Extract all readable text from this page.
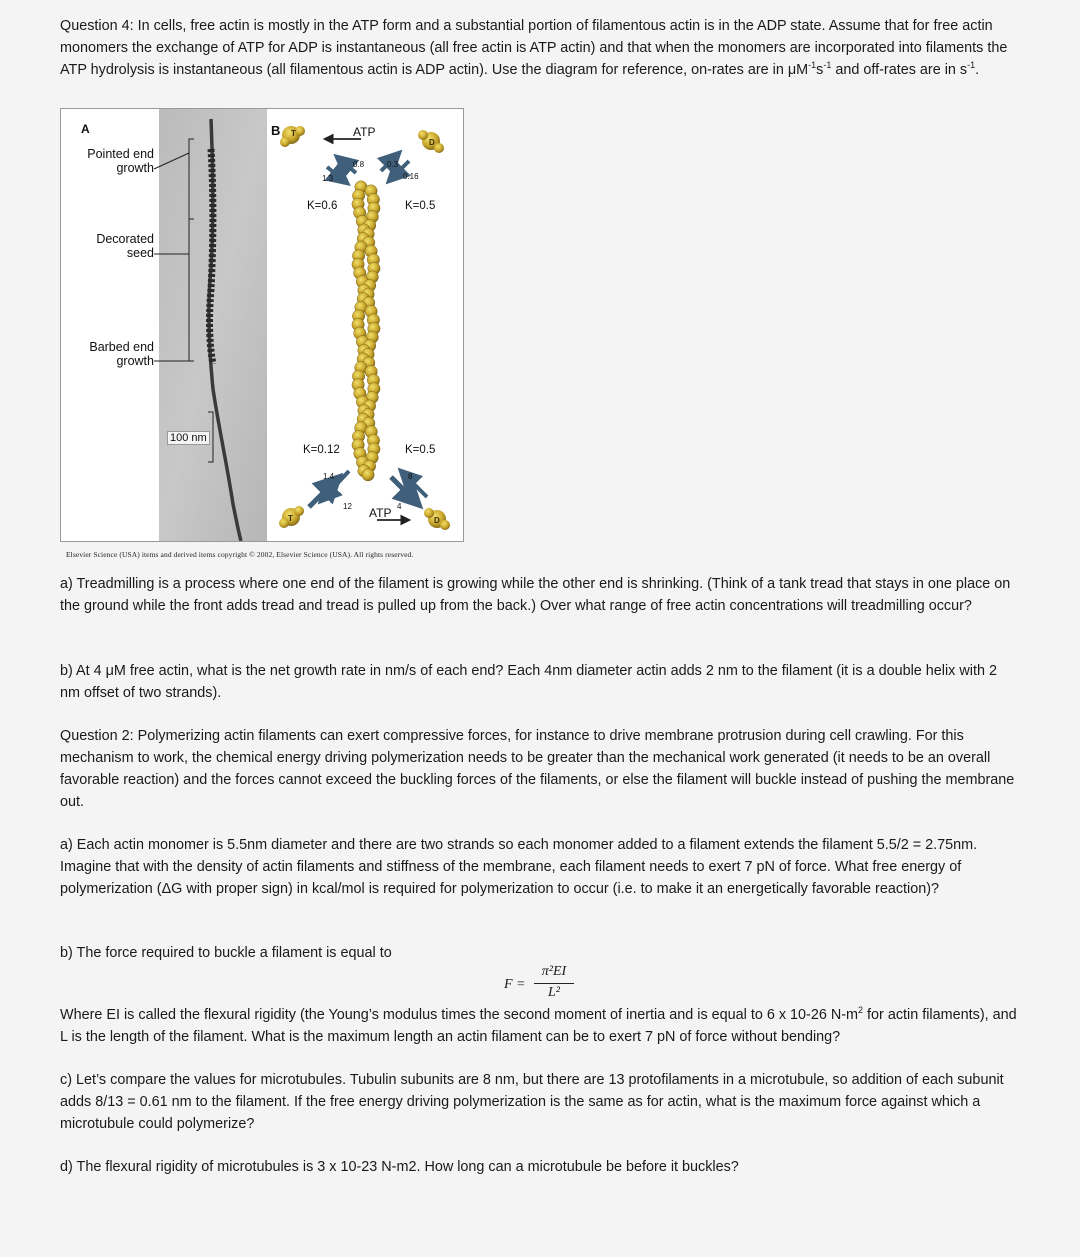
Question 4: In cells, free actin is mostly in the ATP form and a substantial portion of filamentous actin is in the ADP state. Assume that for free actin monomers the exchange of ATP for ADP is instantaneous (all free actin is ATP actin) and that when the monomers are incorporated into filaments the ATP hydrolysis is instantaneous (all filamentous actin is ADP actin). Use the diagram for reference, on-rates are in $\mu M^{-1}s^{-1}$ and off-rates are in $s^{-1}$.

A
Pointed end
growth
Decorated
seed
Barbed end
growth
100 nm
B	ATP
ATP
T
D
T	D
1.3
0.8	0.3
0.16
K=0.6	K=0.5
K=0.12	K=0.5
1.4
12
8
4
Elsevier Science (USA) items and derived items copyright © 2002, Elsevier Science (USA). All rights reserved.

a) Treadmilling is a process where one end of the filament is growing while the other end is shrinking. (Think of a tank tread that stays in one place on the ground while the front adds tread and tread is pulled up from the back.) Over what range of free actin concentrations will treadmilling occur?

b) At 4 μM free actin, what is the net growth rate in nm/s of each end? Each 4nm diameter actin adds 2 nm to the filament (it is a double helix with 2 nm offset of two strands).

Question 2: Polymerizing actin filaments can exert compressive forces, for instance to drive membrane protrusion during cell crawling. For this mechanism to work, the chemical energy driving polymerization needs to be greater than the mechanical work generated (it needs to be an overall favorable reaction) and the forces cannot exceed the buckling forces of the filaments, or else the filament will buckle instead of pushing the membrane out.

a) Each actin monomer is 5.5nm diameter and there are two strands so each monomer added to a filament extends the filament 5.5/2 = 2.75nm. Imagine that with the density of actin filaments and stiffness of the membrane, each filament needs to exert 7 pN of force. What free energy of polymerization (ΔG with proper sign) in kcal/mol is required for polymerization to occur (i.e. to make it an energetically favorable reaction)?

b) The force required to buckle a filament is equal to

F =
π²EI
L²

Where EI is called the flexural rigidity (the Young’s modulus times the second moment of inertia and is equal to 6 x 10-26 $N-m^2$ for actin filaments), and L is the length of the filament. What is the maximum length an actin filament can be to exert 7 pN of force without bending?

c) Let’s compare the values for microtubules. Tubulin subunits are 8 nm, but there are 13 protofilaments in a microtubule, so addition of each subunit adds 8/13 = 0.61 nm to the filament. If the free energy driving polymerization is the same as for actin, what is the maximum force against which a microtubule could polymerize?

d) The flexural rigidity of microtubules is 3 x 10-23 N-m2. How long can a microtubule be before it buckles?
